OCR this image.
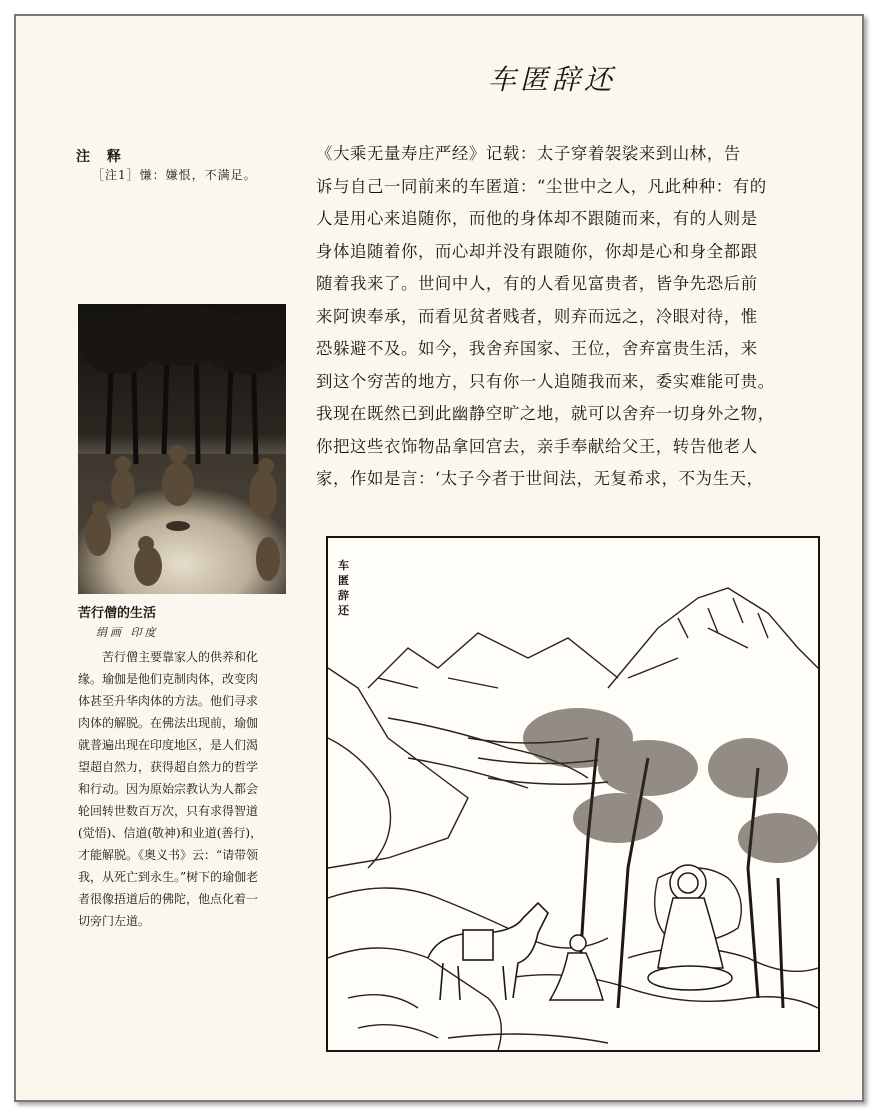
车匿辞还
注 释
［注1］慊：嫌恨，不满足。
《大乘无量寿庄严经》记载：太子穿着袈裟来到山林，告
诉与自己一同前来的车匿道：“尘世中之人，凡此种种：有的
人是用心来追随你，而他的身体却不跟随而来，有的人则是
身体追随着你，而心却并没有跟随你，你却是心和身全都跟
随着我来了。世间中人，有的人看见富贵者，皆争先恐后前
来阿谀奉承，而看见贫者贱者，则弃而远之，冷眼对待，惟
恐躲避不及。如今，我舍弃国家、王位，舍弃富贵生活，来
到这个穷苦的地方，只有你一人追随我而来，委实难能可贵。
我现在既然已到此幽静空旷之地，就可以舍弃一切身外之物，
你把这些衣饰物品拿回宫去，亲手奉献给父王，转告他老人
家，作如是言：‘太子今者于世间法，无复希求，不为生天，
苦行僧的生活
绢画 印度
苦行僧主要靠家人的供养和化
缘。瑜伽是他们克制肉体，改变肉
体甚至升华肉体的方法。他们寻求
肉体的解脱。在佛法出现前，瑜伽
就普遍出现在印度地区，是人们渴
望超自然力，获得超自然力的哲学
和行动。因为原始宗教认为人都会
轮回转世数百万次，只有求得智道
(觉悟)、信道(敬神)和业道(善行)，
才能解脱。《奥义书》云：“请带领
我，从死亡到永生。”树下的瑜伽老
者很像捂道后的佛陀，他点化着一
切旁门左道。
车匿辞还
